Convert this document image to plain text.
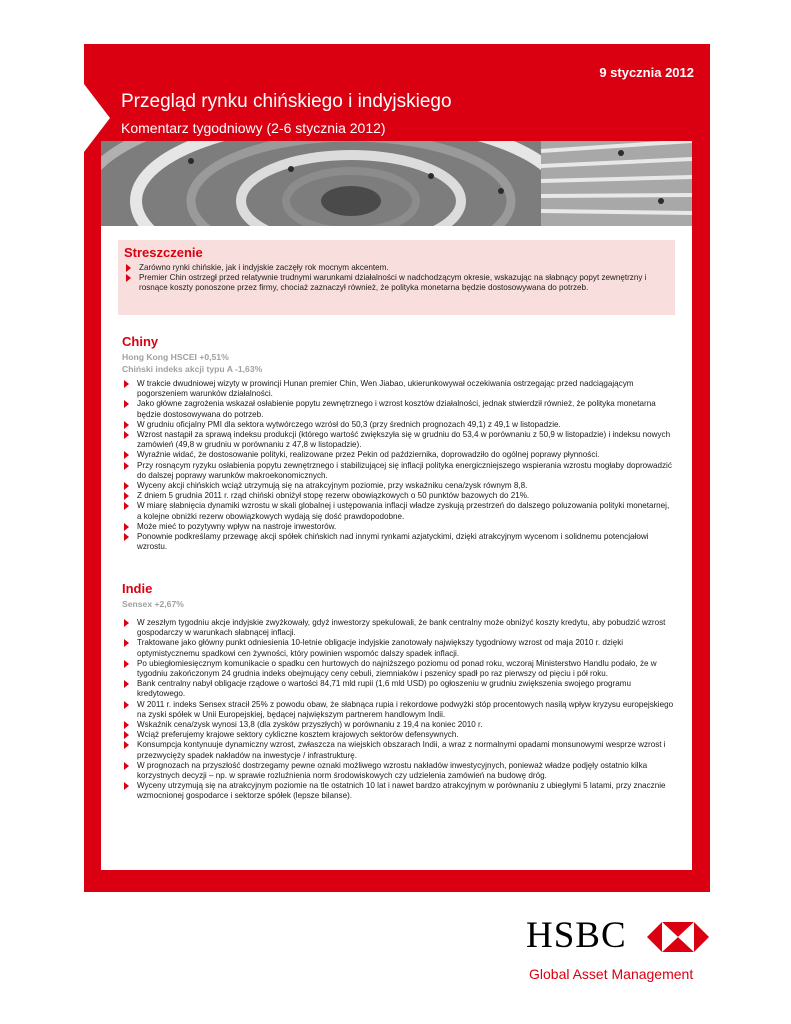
9 stycznia 2012
Przegląd rynku chińskiego i indyjskiego
Komentarz tygodniowy (2-6 stycznia 2012)
Streszczenie
Zarówno rynki chińskie, jak i indyjskie zaczęły rok mocnym akcentem.
Premier Chin ostrzegł przed relatywnie trudnymi warunkami działalności w nadchodzącym okresie, wskazując na słabnący popyt zewnętrzny i rosnące koszty ponoszone przez firmy, chociaż zaznaczył również, że polityka monetarna będzie dostosowywana do potrzeb.
Chiny
Hong Kong HSCEI +0,51%
Chiński indeks akcji typu A -1,63%
W trakcie dwudniowej wizyty w prowincji Hunan premier Chin, Wen Jiabao, ukierunkowywał oczekiwania ostrzegając przed nadciągającym pogorszeniem warunków działalności.
Jako główne zagrożenia wskazał osłabienie popytu zewnętrznego i wzrost kosztów działalności, jednak stwierdził również, że polityka monetarna będzie dostosowywana do potrzeb.
W grudniu oficjalny PMI dla sektora wytwórczego wzrósł do 50,3 (przy średnich prognozach 49,1) z 49,1 w listopadzie.
Wzrost nastąpił za sprawą indeksu produkcji (którego wartość zwiększyła się w grudniu do 53,4 w porównaniu z 50,9 w listopadzie) i indeksu nowych zamówień (49,8 w grudniu w porównaniu z 47,8 w listopadzie).
Wyraźnie widać, że dostosowanie polityki, realizowane przez Pekin od października, doprowadziło do ogólnej poprawy płynności.
Przy rosnącym ryzyku osłabienia popytu zewnętrznego i stabilizującej się inflacji polityka energiczniejszego wspierania wzrostu mogłaby doprowadzić do dalszej poprawy warunków makroekonomicznych.
Wyceny akcji chińskich wciąż utrzymują się na atrakcyjnym poziomie, przy wskaźniku cena/zysk równym 8,8.
Z dniem 5 grudnia 2011 r. rząd chiński obniżył stopę rezerw obowiązkowych o 50 punktów bazowych do 21%.
W miarę słabnięcia dynamiki wzrostu w skali globalnej i ustępowania inflacji władze zyskują przestrzeń do dalszego poluzowania polityki monetarnej, a kolejne obniżki rezerw obowiązkowych wydają się dość prawdopodobne.
Może mieć to pozytywny wpływ na nastroje inwestorów.
Ponownie podkreślamy przewagę akcji spółek chińskich nad innymi rynkami azjatyckimi, dzięki atrakcyjnym wycenom i solidnemu potencjałowi wzrostu.
Indie
Sensex +2,67%
W zeszłym tygodniu akcje indyjskie zwyżkowały, gdyż inwestorzy spekulowali, że bank centralny może obniżyć koszty kredytu, aby pobudzić wzrost gospodarczy w warunkach słabnącej inflacji.
Traktowane jako główny punkt odniesienia 10-letnie obligacje indyjskie zanotowały największy tygodniowy wzrost od maja 2010 r. dzięki optymistycznemu spadkowi cen żywności, który powinien wspomóc dalszy spadek inflacji.
Po ubiegłomiesięcznym komunikacie o spadku cen hurtowych do najniższego poziomu od ponad roku, wczoraj Ministerstwo Handlu podało, że w tygodniu zakończonym 24 grudnia indeks obejmujący ceny cebuli, ziemniaków i pszenicy spadł po raz pierwszy od pięciu i pół roku.
Bank centralny nabył obligacje rządowe o wartości 84,71 mld rupii (1,6 mld USD) po ogłoszeniu w grudniu zwiększenia swojego programu kredytowego.
W 2011 r. indeks Sensex stracił 25% z powodu obaw, że słabnąca rupia i rekordowe podwyżki stóp procentowych nasilą wpływ kryzysu europejskiego na zyski spółek w Unii Europejskiej, będącej największym partnerem handlowym Indii.
Wskaźnik cena/zysk wynosi 13,8 (dla zysków przyszłych) w porównaniu z 19,4 na koniec 2010 r.
Wciąż preferujemy krajowe sektory cykliczne kosztem krajowych sektorów defensywnych.
Konsumpcja kontynuuje dynamiczny wzrost, zwłaszcza na wiejskich obszarach Indii, a wraz z normalnymi opadami monsunowymi wesprze wzrost i przezwycięży spadek nakładów na inwestycje / infrastrukturę.
W prognozach na przyszłość dostrzegamy pewne oznaki możliwego wzrostu nakładów inwestycyjnych, ponieważ władze podjęły ostatnio kilka korzystnych decyzji – np. w sprawie rozluźnienia norm środowiskowych czy udzielenia zamówień na budowę dróg.
Wyceny utrzymują się na atrakcyjnym poziomie na tle ostatnich 10 lat i nawet bardzo atrakcyjnym w porównaniu z ubiegłymi 5 latami, przy znacznie wzmocnionej gospodarce i sektorze spółek (lepsze bilanse).
HSBC
Global Asset Management
